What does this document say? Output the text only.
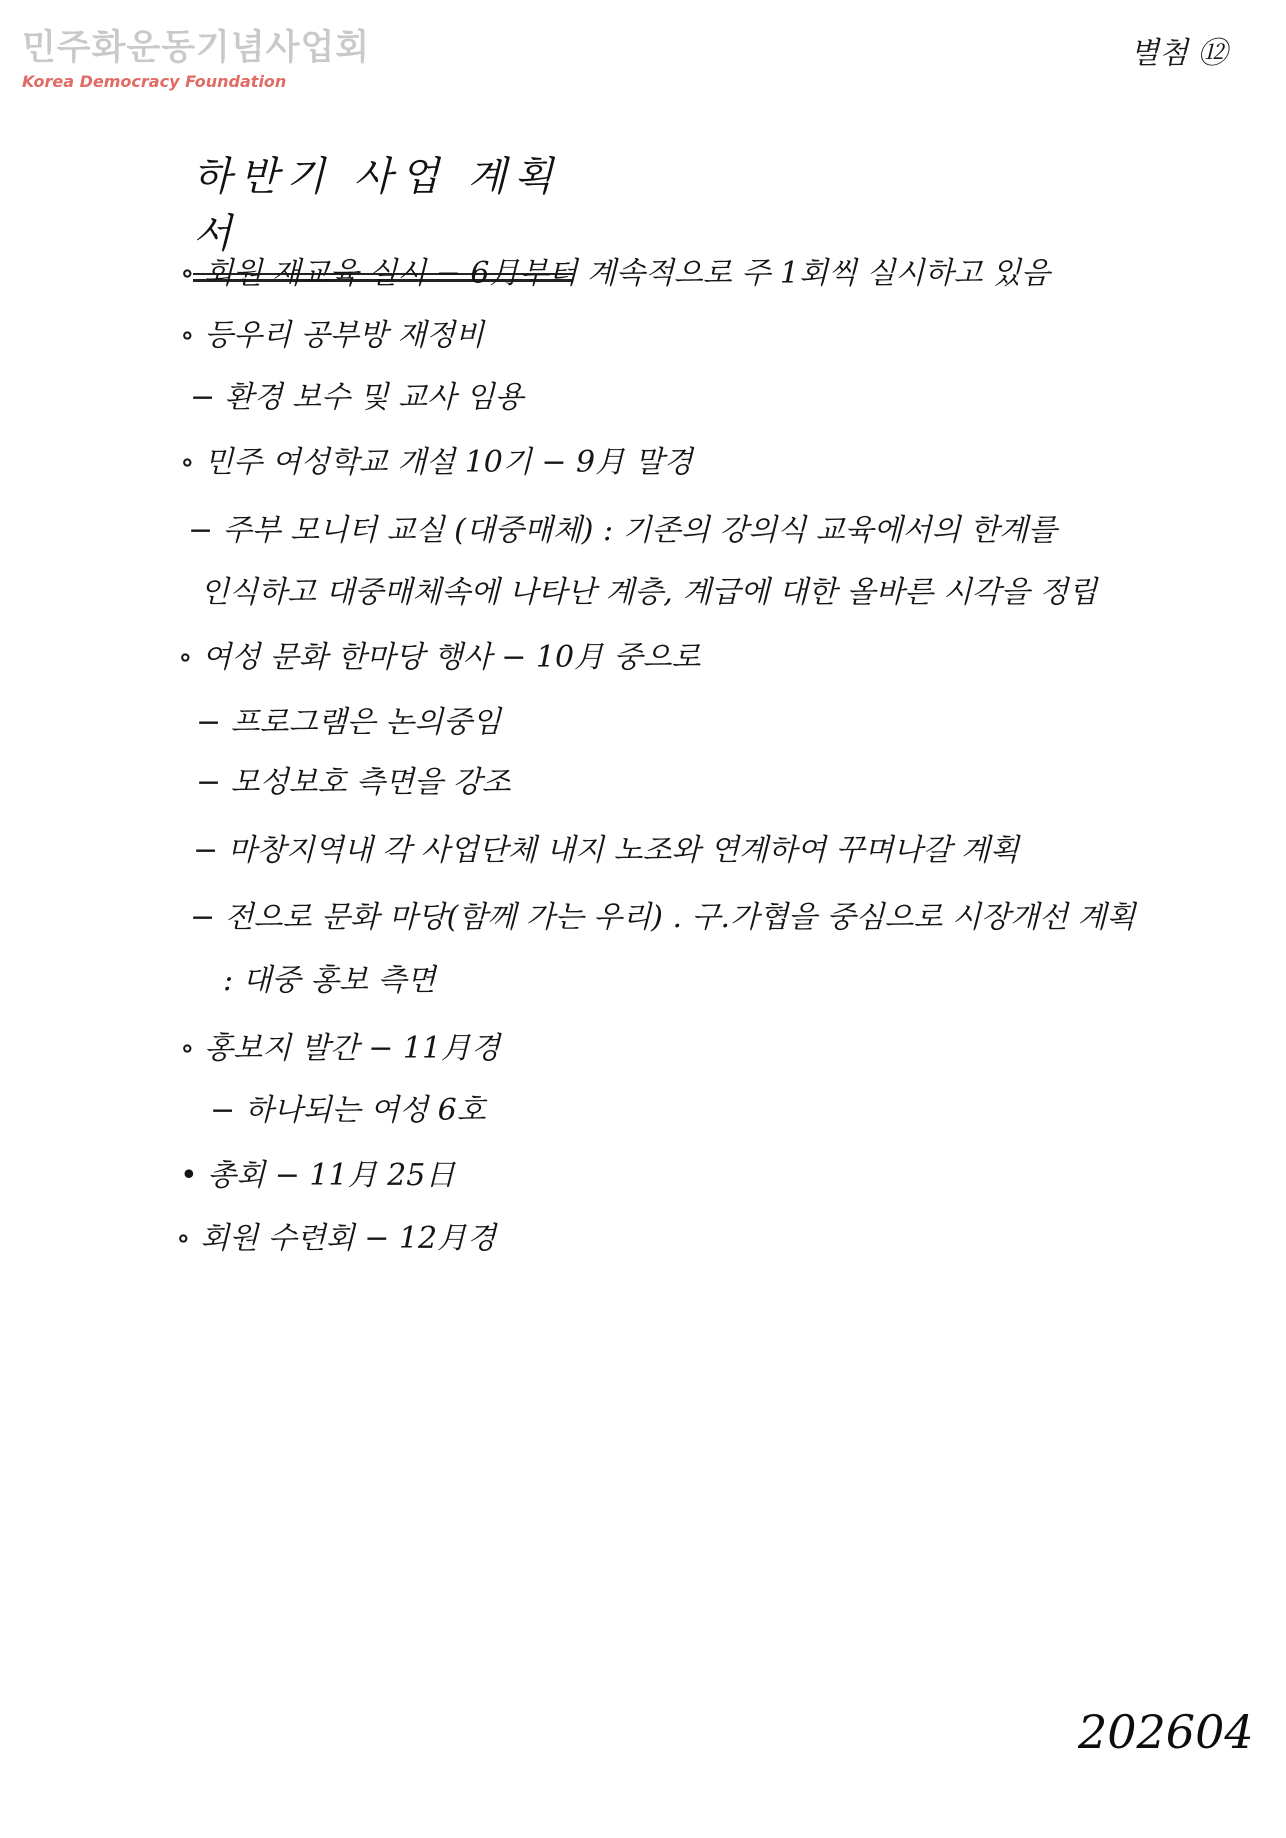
민주화운동기념사업회
Korea Democracy Foundation
별첨 ⑫
하반기 사업 계획서
∘ 회원 재교육 실시 − 6月부터 계속적으로 주 1회씩 실시하고 있음
∘ 등우리 공부방 재정비
− 환경 보수 및 교사 임용
∘ 민주 여성학교 개설 10기 − 9月 말경
− 주부 모니터 교실 (대중매체) : 기존의 강의식 교육에서의 한계를
인식하고 대중매체속에 나타난 계층, 계급에 대한 올바른 시각을 정립
∘ 여성 문화 한마당 행사 − 10月 중으로
− 프로그램은 논의중임
− 모성보호 측면을 강조
− 마창지역내 각 사업단체 내지 노조와 연계하여 꾸며나갈 계획
− 전으로 문화 마당(함께 가는 우리) . 구.가협을 중심으로 시장개선 계획
: 대중 홍보 측면
∘ 홍보지 발간 − 11月경
− 하나되는 여성 6호
• 총회 − 11月 25日
∘ 회원 수련회 − 12月경
202604
